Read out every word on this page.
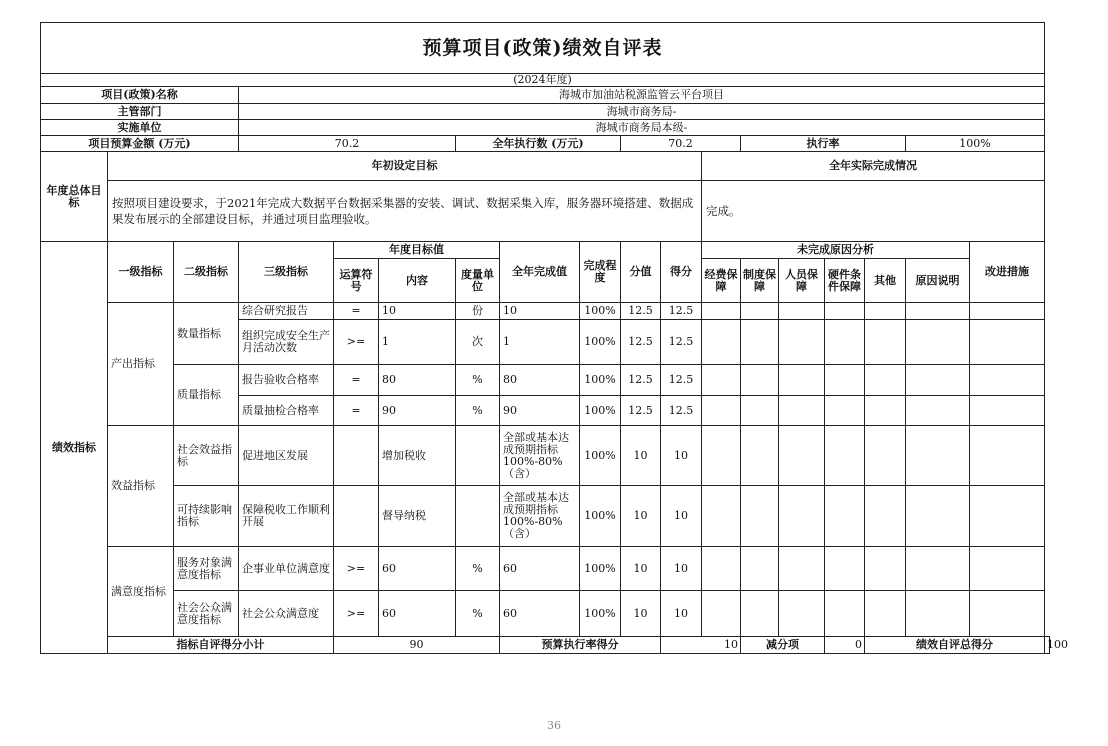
预算项目(政策)绩效自评表																		
(2024年度)																		
项目(政策)名称			海城市加油站税源监管云平台项目															
主管部门			海城市商务局-															
实施单位			海城市商务局本级-															
项目预算金额 (万元)			70.2			全年执行数 (万元)			70.2			执行率				100%		
年度总体目标	年初设定目标										全年实际完成情况							
	按照项目建设要求，于2021年完成大数据平台数据采集器的安装、调试、数据采集入库，服务器环境搭建、数据成果发布展示的全部建设目标，并通过项目监理验收。										完成。							
绩效指标	一级指标	二级指标	三级指标	年度目标值			全年完成值	完成程度	分值	得分	未完成原因分析						改进措施	
				运算符号	内容	度量单位					经费保障	制度保障	人员保障	硬件条件保障	其他	原因说明		
	产出指标	数量指标	综合研究报告	=	10	份	10	100%	12.5	12.5								
			组织完成安全生产月活动次数	>=	1	次	1	100%	12.5	12.5								
		质量指标	报告验收合格率	=	80	%	80	100%	12.5	12.5								
			质量抽检合格率	=	90	%	90	100%	12.5	12.5								
	效益指标	社会效益指标	促进地区发展		增加税收		全部或基本达成预期指标100%-80%（含）	100%	10	10								
		可持续影响指标	保障税收工作顺利开展		督导纳税		全部或基本达成预期指标100%-80%（含）	100%	10	10								
	满意度指标	服务对象满意度指标	企事业单位满意度	>=	60	%	60	100%	10	10								
		社会公众满意度指标	社会公众满意度	>=	60	%	60	100%	10	10								
	指标自评得分小计			90			预算执行率得分			10		减分项		0	绩效自评总得分			100
36
